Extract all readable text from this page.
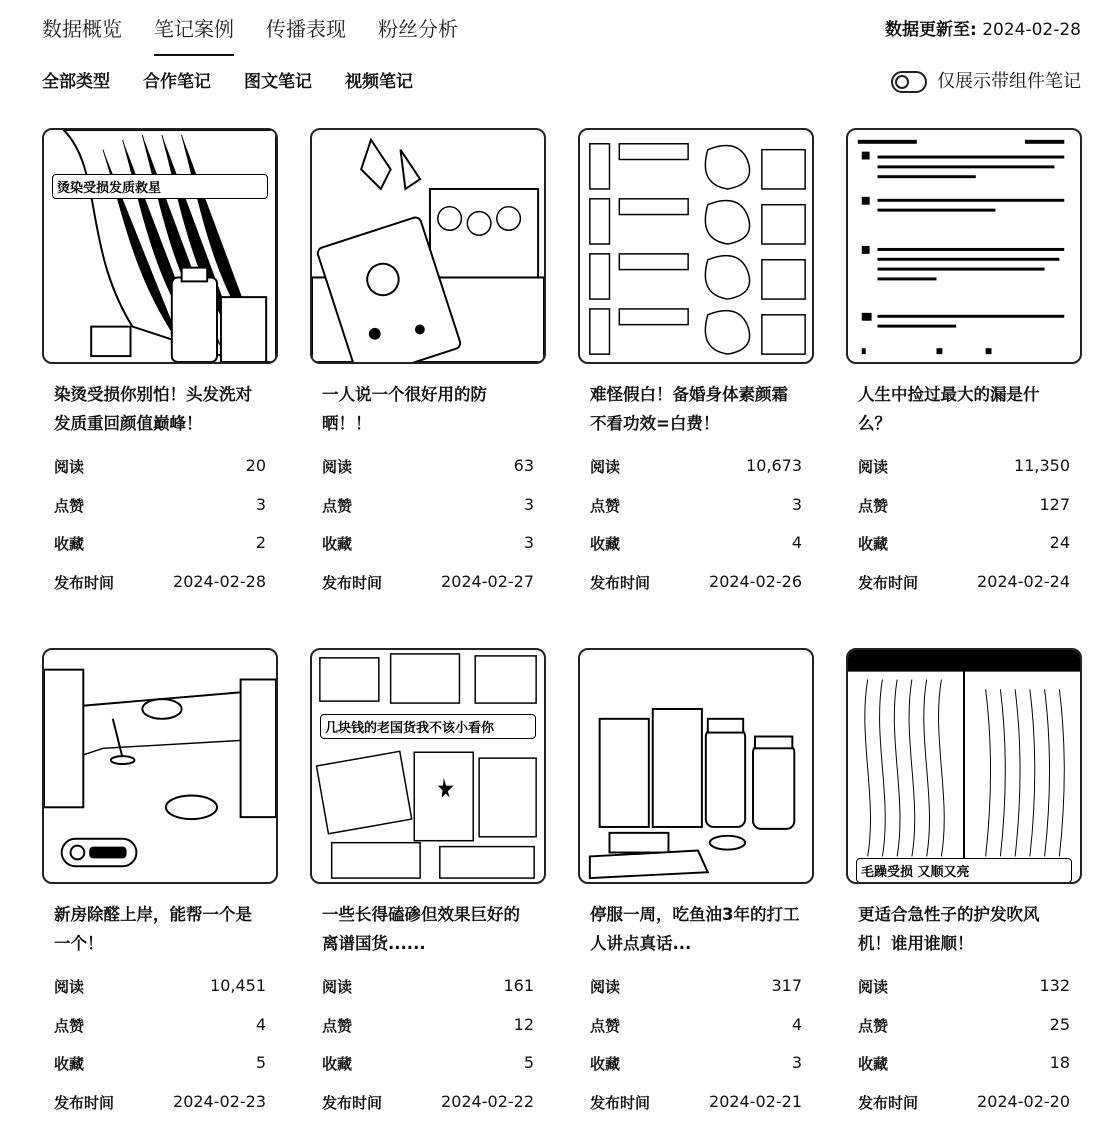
数据概览 笔记案例 传播表现 粉丝分析	数据更新至: 2024-02-28
全部类型 合作笔记 图文笔记 视频笔记	仅展示带组件笔记
烫染受损发质救星
染烫受损你别怕！头发洗对发质重回颜值巅峰！
阅读	20
点赞	3
收藏	2
发布时间	2024-02-28
一人说一个很好用的防晒！！
阅读	63
点赞	3
收藏	3
发布时间	2024-02-27
难怪假白！备婚身体素颜霜不看功效=白费！
阅读	10,673
点赞	3
收藏	4
发布时间	2024-02-26
人生中捡过最大的漏是什么？
阅读	11,350
点赞	127
收藏	24
发布时间	2024-02-24
新房除醛上岸，能帮一个是一个！
阅读	10,451
点赞	4
收藏	5
发布时间	2024-02-23
几块钱的老国货我不该小看你
一些长得磕碜但效果巨好的离谱国货......
阅读	161
点赞	12
收藏	5
发布时间	2024-02-22
停服一周，吃鱼油3年的打工人讲点真话...
阅读	317
点赞	4
收藏	3
发布时间	2024-02-21
毛躁受损 又顺又亮
更适合急性子的护发吹风机！谁用谁顺！
阅读	132
点赞	25
收藏	18
发布时间	2024-02-20
